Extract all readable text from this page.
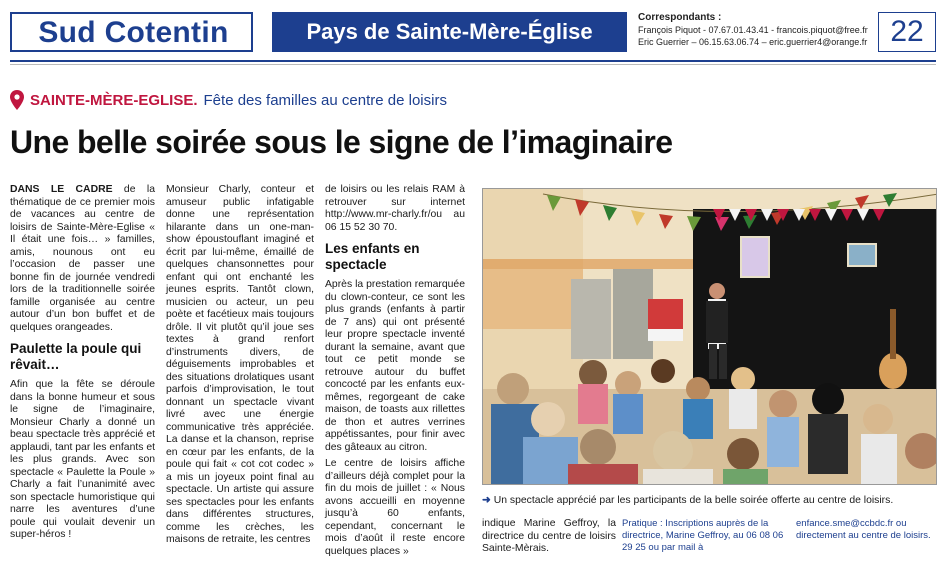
Sud Cotentin	Pays de Sainte-Mère-Église
Correspondants :
François Piquot - 07.67.01.43.41 - francois.piquot@free.fr
Eric Guerrier – 06.15.63.06.74 – eric.guerrier4@orange.fr 22
SAINTE-MÈRE-EGLISE. Fête des familles au centre de loisirs
Une belle soirée sous le signe de l’imaginaire

DANS LE CADRE de la thématique de ce premier mois de vacances au centre de loisirs de Sainte-Mère-Eglise « Il était une fois… » familles, amis, nounous ont eu l’occasion de passer une bonne fin de journée vendredi lors de la traditionnelle soirée famille organisée au centre autour d’un bon buffet et de quelques orangeades.

Paulette la poule qui rêvait…

Afin que la fête se déroule dans la bonne humeur et sous le signe de l’imaginaire, Monsieur Charly a donné un beau spectacle très apprécié et applaudi, tant par les enfants et les plus grands. Avec son spectacle « Paulette la Poule » Charly a fait l’unanimité avec son spectacle humoristique qui narre les aventures d’une poule qui voulait devenir un super-héros !

Monsieur Charly, conteur et amuseur public infatigable donne une représentation hilarante dans un one-man-show époustouflant imaginé et écrit par lui-même, émaillé de quelques chansonnettes pour enfant qui ont enchanté les jeunes esprits. Tantôt clown, musicien ou acteur, un peu poète et facétieux mais toujours drôle. Il vit plutôt qu’il joue ses textes à grand renfort d’instruments divers, de déguisements improbables et des situations drolatiques usant parfois d’improvisation, le tout donnant un spectacle vivant livré avec une énergie communicative très appréciée. La danse et la chanson, reprise en cœur par les enfants, de la poule qui fait « cot cot codec » a mis un joyeux point final au spectacle. Un artiste qui assure ses spectacles pour les enfants dans différentes structures, comme les crèches, les maisons de retraite, les centres

de loisirs ou les relais RAM à retrouver sur internet http://www.mr-charly.fr/ou au 06 15 52 30 70.

Les enfants en spectacle

Après la prestation remarquée du clown-conteur, ce sont les plus grands (enfants à partir de 7 ans) qui ont présenté leur propre spectacle inventé durant la semaine, avant que tout ce petit monde se retrouve autour du buffet concocté par les enfants eux-mêmes, regorgeant de cake maison, de toasts aux rillettes de thon et autres verrines appétissantes, pour finir avec des gâteaux au citron.

Le centre de loisirs affiche d’ailleurs déjà complet pour la fin du mois de juillet : « Nous avons accueilli en moyenne jusqu’à 60 enfants, cependant, concernant le mois d’août il reste encore quelques places »

➜ Un spectacle apprécié par les participants de la belle soirée offerte au centre de loisirs.
indique Marine Geffroy, la directrice du centre de loisirs Sainte-Mèrais.
Pratique : Inscriptions auprès de la directrice, Marine Geffroy, au 06 08 06 29 25 ou par mail àenfance.sme@ccbdc.fr ou directement au centre de loisirs.
